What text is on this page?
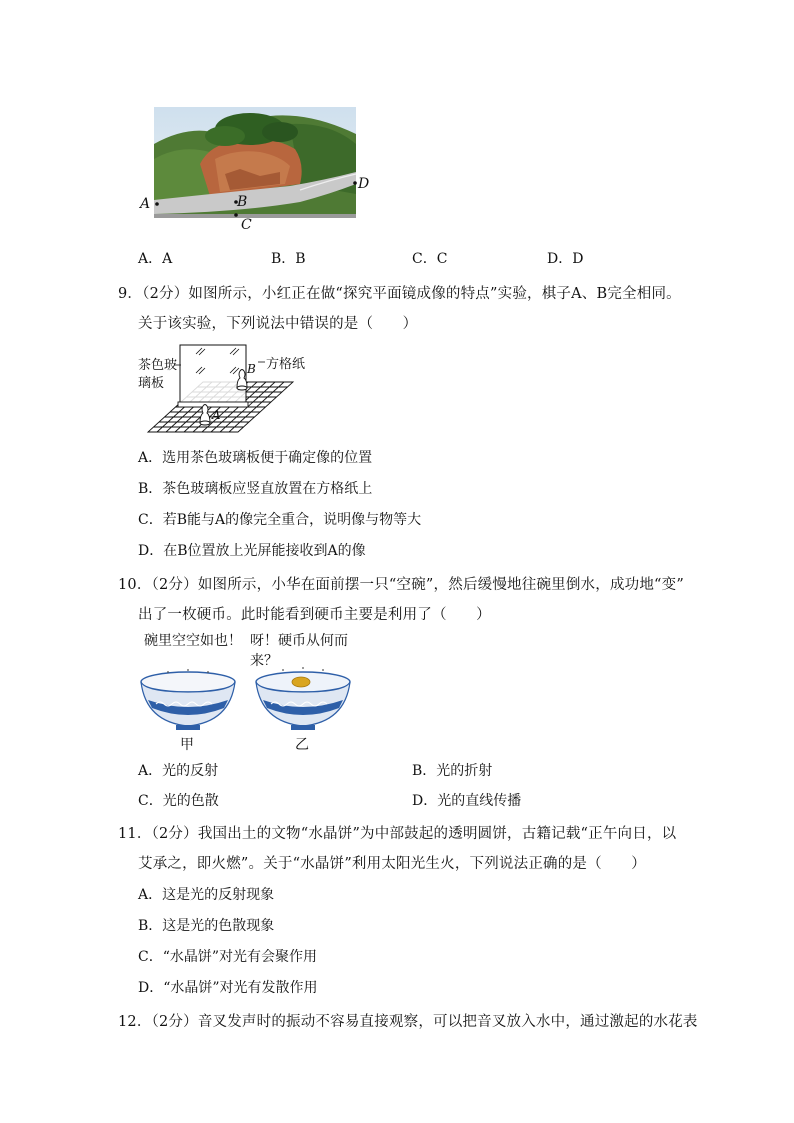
A	B
C
D
A．A	B．B	C．C	D．D
9．（2分）如图所示，小红正在做“探究平面镜成像的特点”实验，棋子A、B完全相同。
关于该实验，下列说法中错误的是（　　）
茶色玻
璃板
方格纸
B
A
A．选用茶色玻璃板便于确定像的位置
B．茶色玻璃板应竖直放置在方格纸上
C．若B能与A的像完全重合，说明像与物等大
D．在B位置放上光屏能接收到A的像
10．（2分）如图所示，小华在面前摆一只“空碗”，然后缓慢地往碗里倒水，成功地“变”
出了一枚硬币。此时能看到硬币主要是利用了（　　）
碗里空空如也！ 呀！硬币从何而来？
甲	乙
A．光的反射	B．光的折射
C．光的色散	D．光的直线传播
11．（2分）我国出土的文物“水晶饼”为中部鼓起的透明圆饼，古籍记载“正午向日，以
艾承之，即火燃”。关于“水晶饼”利用太阳光生火，下列说法正确的是（　　）
A．这是光的反射现象
B．这是光的色散现象
C．“水晶饼”对光有会聚作用
D．“水晶饼”对光有发散作用
12．（2分）音叉发声时的振动不容易直接观察，可以把音叉放入水中，通过激起的水花表
